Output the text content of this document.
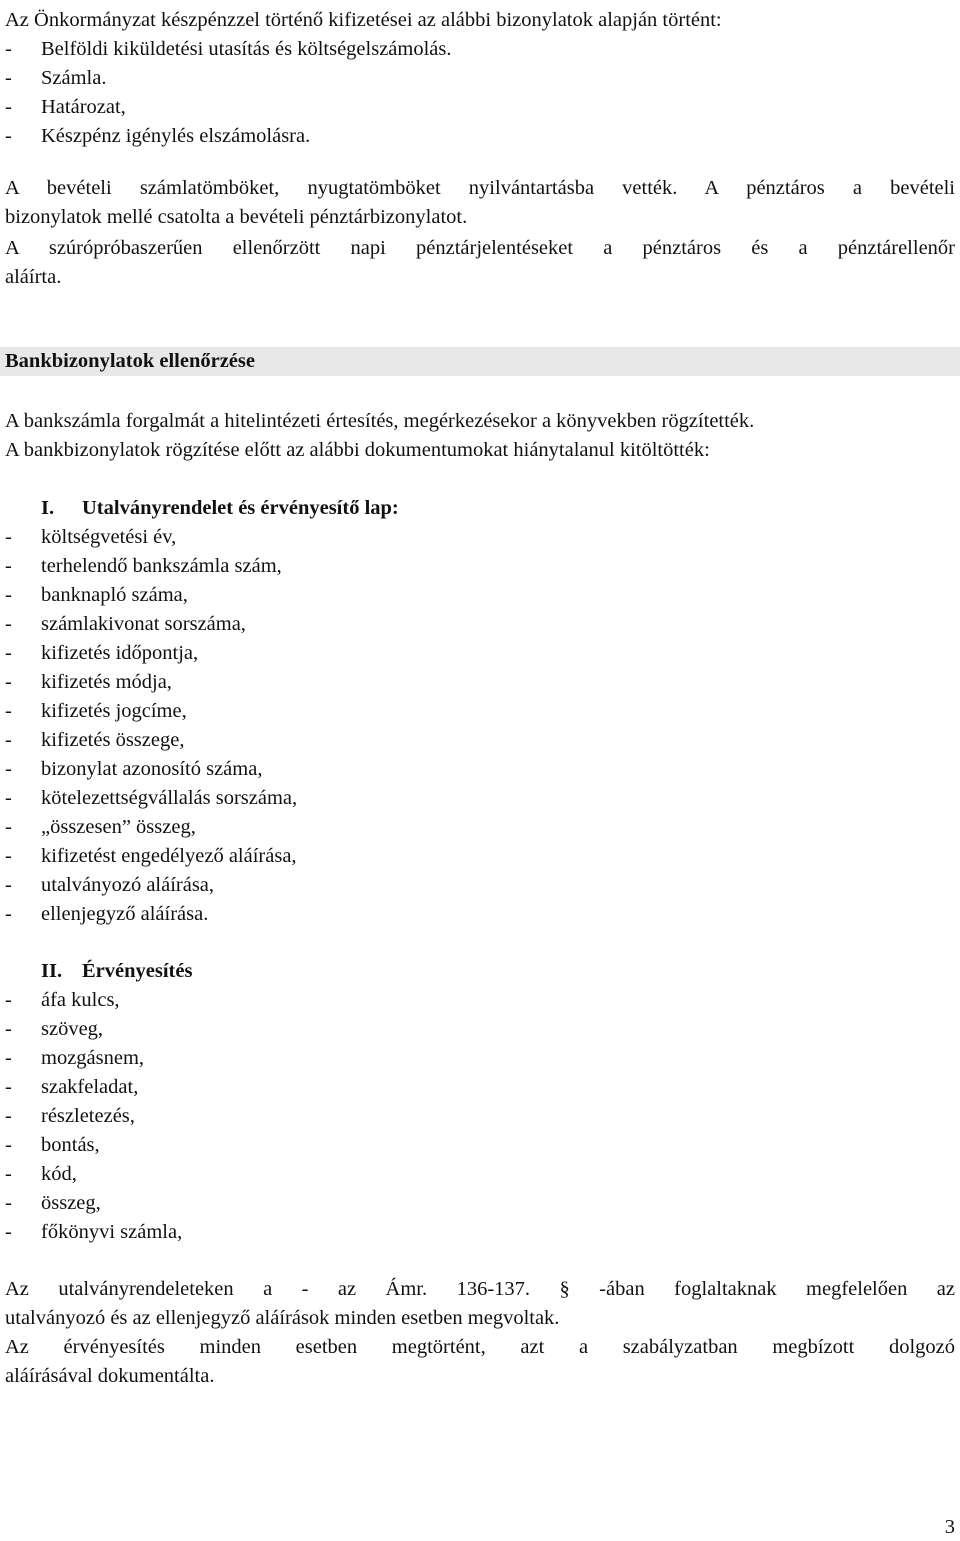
Az Önkormányzat készpénzzel történő kifizetései az alábbi bizonylatok alapján történt:
-	Belföldi kiküldetési utasítás és költségelszámolás.
-	Számla.
-	Határozat,
-	Készpénz igénylés elszámolásra.
A bevételi számlatömböket, nyugtatömböket nyilvántartásba vették. A pénztáros a bevételi
bizonylatok mellé csatolta a bevételi pénztárbizonylatot.
A szúrópróbaszerűen ellenőrzött napi pénztárjelentéseket a pénztáros és a pénztárellenőr
aláírta.
Bankbizonylatok ellenőrzése
A bankszámla forgalmát a hitelintézeti értesítés, megérkezésekor a könyvekben rögzítették.
A bankbizonylatok rögzítése előtt az alábbi dokumentumokat hiánytalanul kitöltötték:
I.	Utalványrendelet és érvényesítő lap:
-	költségvetési év,
-	terhelendő bankszámla szám,
-	banknapló száma,
-	számlakivonat sorszáma,
-	kifizetés időpontja,
-	kifizetés módja,
-	kifizetés jogcíme,
-	kifizetés összege,
-	bizonylat azonosító száma,
-	kötelezettségvállalás sorszáma,
-	„összesen” összeg,
-	kifizetést engedélyező aláírása,
-	utalványozó aláírása,
-	ellenjegyző aláírása.
II. Érvényesítés
-	áfa kulcs,
-	szöveg,
-	mozgásnem,
-	szakfeladat,
-	részletezés,
-	bontás,
-	kód,
-	összeg,
-	főkönyvi számla,
Az utalványrendeleteken a - az Ámr. 136-137. § -ában foglaltaknak megfelelően az
utalványozó és az ellenjegyző aláírások minden esetben megvoltak.
Az érvényesítés minden esetben megtörtént, azt a szabályzatban megbízott dolgozó
aláírásával dokumentálta.
3
